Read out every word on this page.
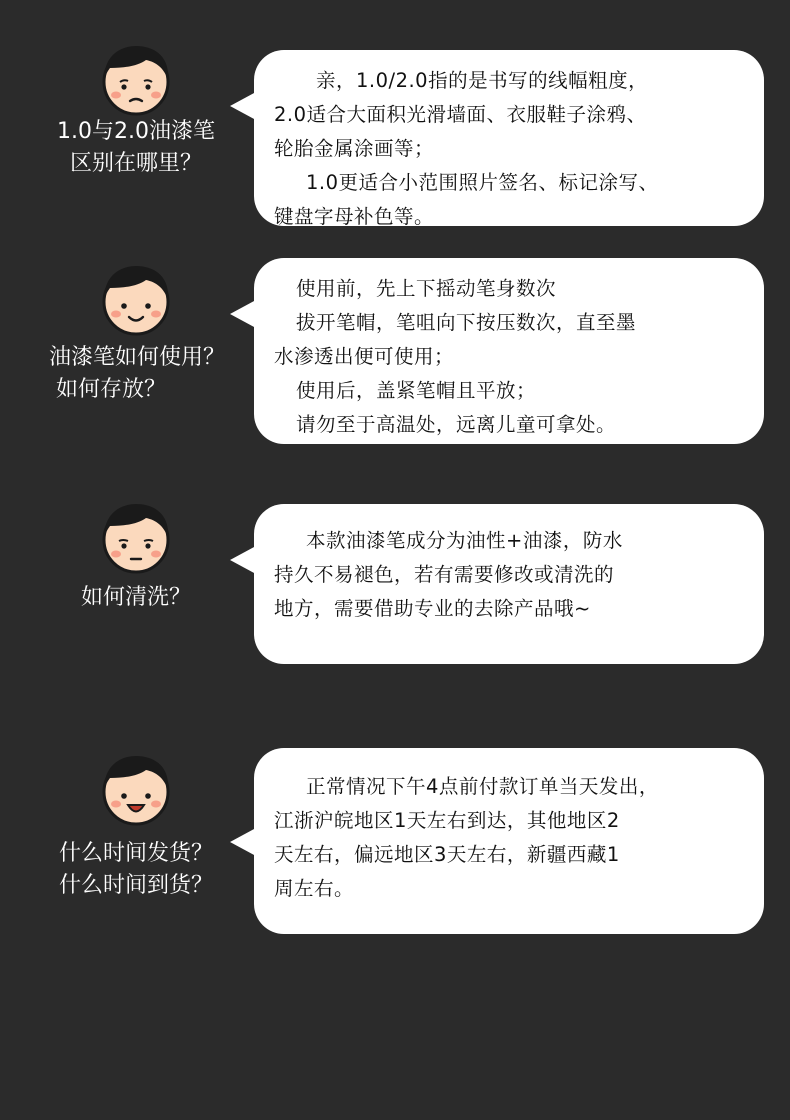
1.0与2.0油漆笔
区别在哪里？

亲，1.0/2.0指的是书写的线幅粗度，

2.0适合大面积光滑墙面、衣服鞋子涂鸦、

轮胎金属涂画等；

1.0更适合小范围照片签名、标记涂写、

键盘字母补色等。

油漆笔如何使用？
如何存放？

使用前，先上下摇动笔身数次

拔开笔帽，笔咀向下按压数次，直至墨

水渗透出便可使用；

使用后，盖紧笔帽且平放；

请勿至于高温处，远离儿童可拿处。

如何清洗？

本款油漆笔成分为油性+油漆，防水

持久不易褪色，若有需要修改或清洗的

地方，需要借助专业的去除产品哦~

什么时间发货？
什么时间到货？

正常情况下午4点前付款订单当天发出，

江浙沪皖地区1天左右到达，其他地区2

天左右，偏远地区3天左右，新疆西藏1

周左右。
